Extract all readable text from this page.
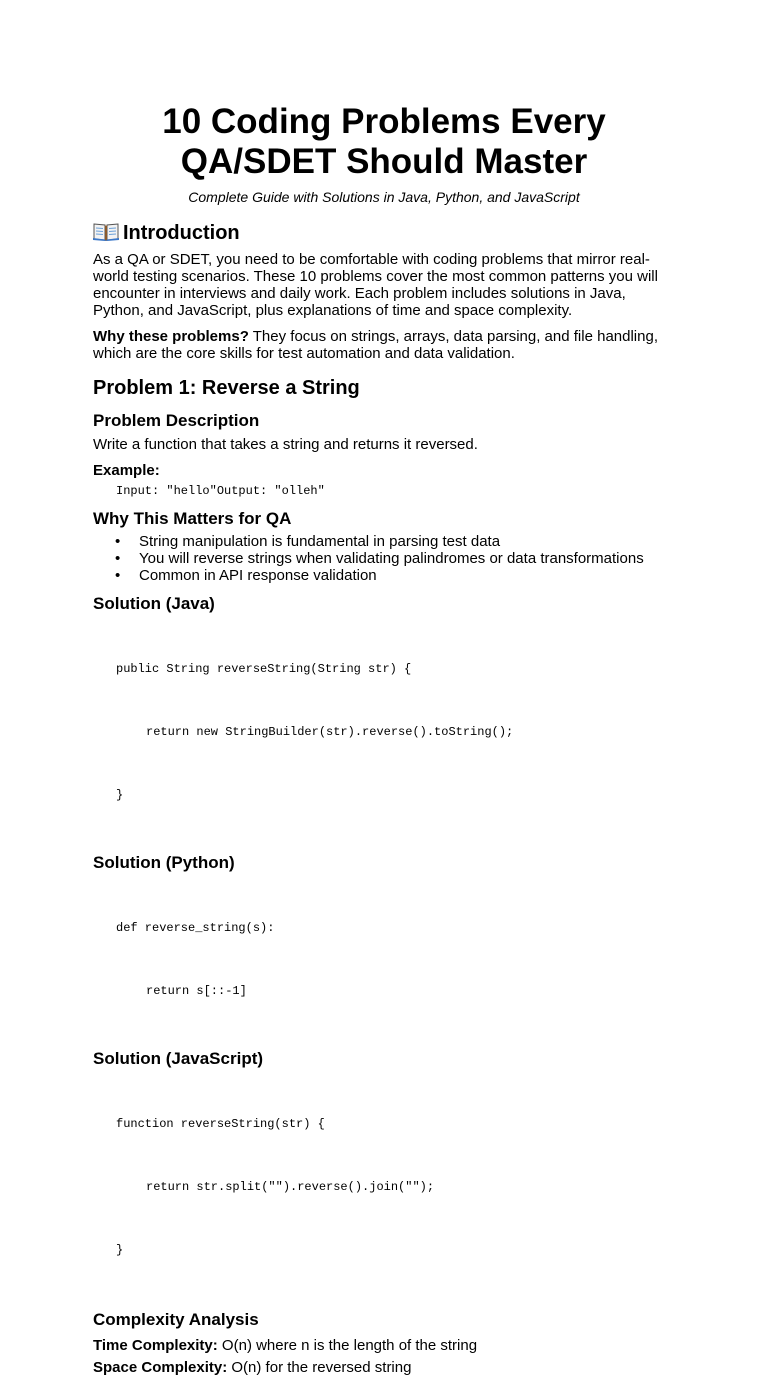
10 Coding Problems Every
QA/SDET Should Master

Complete Guide with Solutions in Java, Python, and JavaScript

Introduction

As a QA or SDET, you need to be comfortable with coding problems that mirror real-world testing scenarios. These 10 problems cover the most common patterns you will encounter in interviews and daily work. Each problem includes solutions in Java, Python, and JavaScript, plus explanations of time and space complexity.

Why these problems? They focus on strings, arrays, data parsing, and file handling, which are the core skills for test automation and data validation.

Problem 1: Reverse a String
Problem Description

Write a function that takes a string and returns it reversed.

Example:
Input: "hello"Output: "olleh"
Why This Matters for QA
• String manipulation is fundamental in parsing test data
• You will reverse strings when validating palindromes or data transformations
• Common in API response validation
Solution (Java)

public String reverseString(String str) {

return new StringBuilder(str).reverse().toString();

}

Solution (Python)

def reverse_string(s):

return s[::-1]

Solution (JavaScript)

function reverseString(str) {

return str.split("").reverse().join("");

}

Complexity Analysis

Time Complexity: O(n) where n is the length of the string

Space Complexity: O(n) for the reversed string
